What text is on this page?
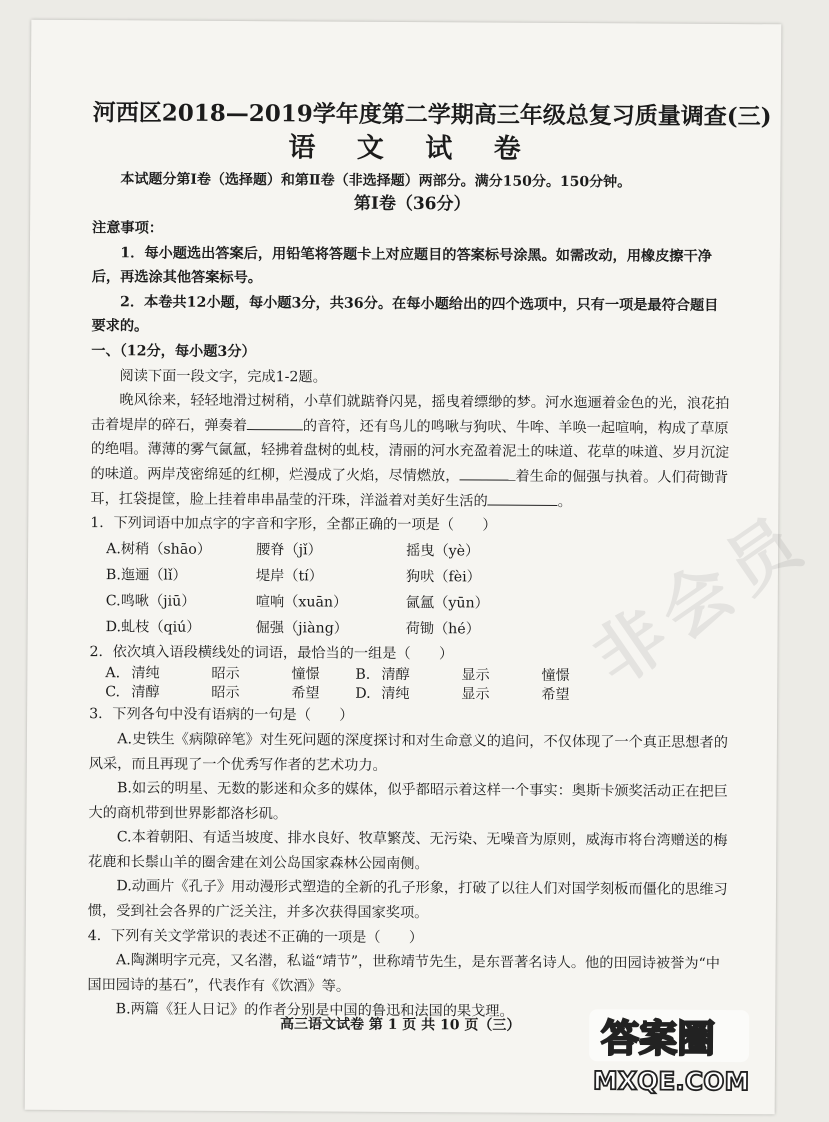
非会员
河西区2018—2019学年度第二学期高三年级总复习质量调查(三)
语 文 试 卷
本试题分第Ⅰ卷（选择题）和第Ⅱ卷（非选择题）两部分。满分150分。150分钟。
第Ⅰ卷（36分）

注意事项：

1．每小题选出答案后，用铅笔将答题卡上对应题目的答案标号涂黑。如需改动，用橡皮擦干净后，再选涂其他答案标号。

2．本卷共12小题，每小题3分，共36分。在每小题给出的四个选项中，只有一项是最符合题目要求的。

一、（12分，每小题3分）

阅读下面一段文字，完成1-2题。

晚风徐来，轻轻地滑过树稍，小草们就踮脊闪晃，摇曳着缥缈的梦。河水迤逦着金色的光，浪花拍击着堤岸的碎石，弹奏着	的音符，还有鸟儿的鸣啾与狗吠、牛哞、羊唤一起喧响，构成了草原的绝唱。薄薄的雾气氤氲，轻拂着盘树的虬枝，清丽的河水充盈着泥土的味道、花草的味道、岁月沉淀的味道。两岸茂密绵延的红柳，烂漫成了火焰，尽情燃放，	着生命的倔强与执着。人们荷锄背耳，扛袋提筐，脸上挂着串串晶莹的汗珠，洋溢着对美好生活的	。

1．下列词语中加点字的字音和字形，全都正确的一项是（　　）

A.树稍（shāo）	腰脊（jǐ）	摇曳（yè）
B.迤逦（lǐ）	堤岸（tí）	狗吠（fèi）
C.鸣啾（jiū）	喧响（xuān）	氤氲（yūn）
D.虬枝（qiú）	倔强（jiàng）	荷锄（hé）

2．依次填入语段横线处的词语，最恰当的一组是（　　）

A. 清纯	昭示	憧憬	B. 清醇	显示	憧憬
C. 清醇	昭示	希望	D. 清纯	显示	希望

3．下列各句中没有语病的一句是（　　）

A.史铁生《病隙碎笔》对生死问题的深度探讨和对生命意义的追问，不仅体现了一个真正思想者的风采，而且再现了一个优秀写作者的艺术功力。

B.如云的明星、无数的影迷和众多的媒体，似乎都昭示着这样一个事实：奥斯卡颁奖活动正在把巨大的商机带到世界影都洛杉矶。

C.本着朝阳、有适当坡度、排水良好、牧草繁茂、无污染、无噪音为原则，威海市将台湾赠送的梅花鹿和长鬃山羊的圈舍建在刘公岛国家森林公园南侧。

D.动画片《孔子》用动漫形式塑造的全新的孔子形象，打破了以往人们对国学刻板而僵化的思维习惯，受到社会各界的广泛关注，并多次获得国家奖项。

4．下列有关文学常识的表述不正确的一项是（　　）

A.陶渊明字元亮，又名潜，私谥“靖节”，世称靖节先生，是东晋著名诗人。他的田园诗被誉为“中国田园诗的基石”，代表作有《饮酒》等。

B.两篇《狂人日记》的作者分别是中国的鲁迅和法国的果戈理。

高三语文试卷 第 1 页 共 10 页（三）	答案圈
MXQE.COM
